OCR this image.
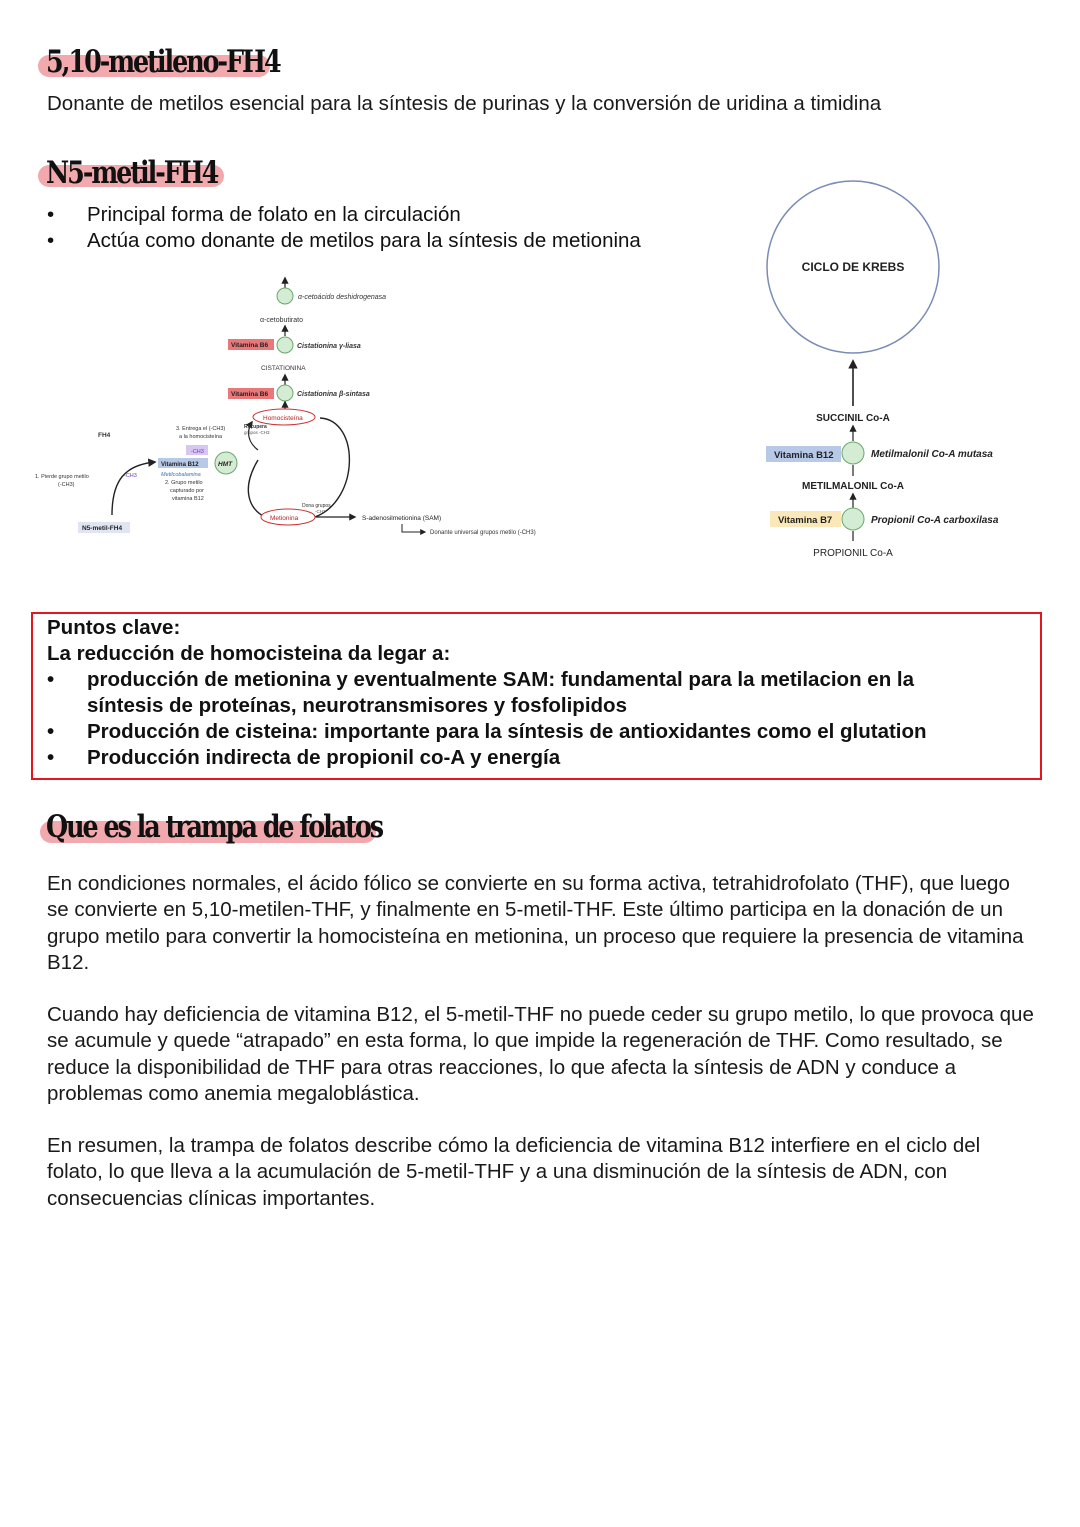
5,10-metileno-FH4

Donante de metilos esencial para la síntesis de purinas y la conversión de uridina a timidina

N5-metil-FH4
• Principal forma de folato en la circulación
• Actúa como donante de metilos para la síntesis de metionina
α-cetoácido deshidrogenasa
α-cetobutirato
Vitamina B6	Cistationina γ-liasa
CISTATIONINA
Vitamina B6	Cistationina β-sintasa
Homocisteína
Recupera
grupos -CH3
Metionina
Dona grupos
-CH3
S-adenosilmetionina (SAM)
Donante universal grupos metilo (-CH3)
HMT
3. Entrega el (-CH3)
a la homocisteína
-CH3
Vitamina B12
Metilcobalamina
2. Grupo metilo
capturado por
vitamina B12
FH4
1. Pierde grupo metilo
(-CH3)
-CH3
N5-metil-FH4
CICLO DE KREBS
SUCCINIL Co-A
Vitamina B12	Metilmalonil Co-A mutasa
METILMALONIL Co-A
Vitamina B7	Propionil Co-A carboxilasa
PROPIONIL Co-A
Puntos clave:
La reducción de homocisteina da legar a:
• producción de metionina y eventualmente SAM: fundamental para la metilacion en la
síntesis de proteínas, neurotransmisores y fosfolipidos
• Producción de cisteina: importante para la síntesis de antioxidantes como el glutation
• Producción indirecta de propionil co-A y energía
Que es la trampa de folatos

En condiciones normales, el ácido fólico se convierte en su forma activa, tetrahidrofolato (THF), que luego se convierte en 5,10-metilen-THF, y finalmente en 5-metil-THF. Este último participa en la donación de un grupo metilo para convertir la homocisteína en metionina, un proceso que requiere la presencia de vitamina B12.

Cuando hay deficiencia de vitamina B12, el 5-metil-THF no puede ceder su grupo metilo, lo que provoca que se acumule y quede “atrapado” en esta forma, lo que impide la regeneración de THF. Como resultado, se reduce la disponibilidad de THF para otras reacciones, lo que afecta la síntesis de ADN y conduce a problemas como anemia megaloblástica.

En resumen, la trampa de folatos describe cómo la deficiencia de vitamina B12 interfiere en el ciclo del folato, lo que lleva a la acumulación de 5-metil-THF y a una disminución de la síntesis de ADN, con consecuencias clínicas importantes.
